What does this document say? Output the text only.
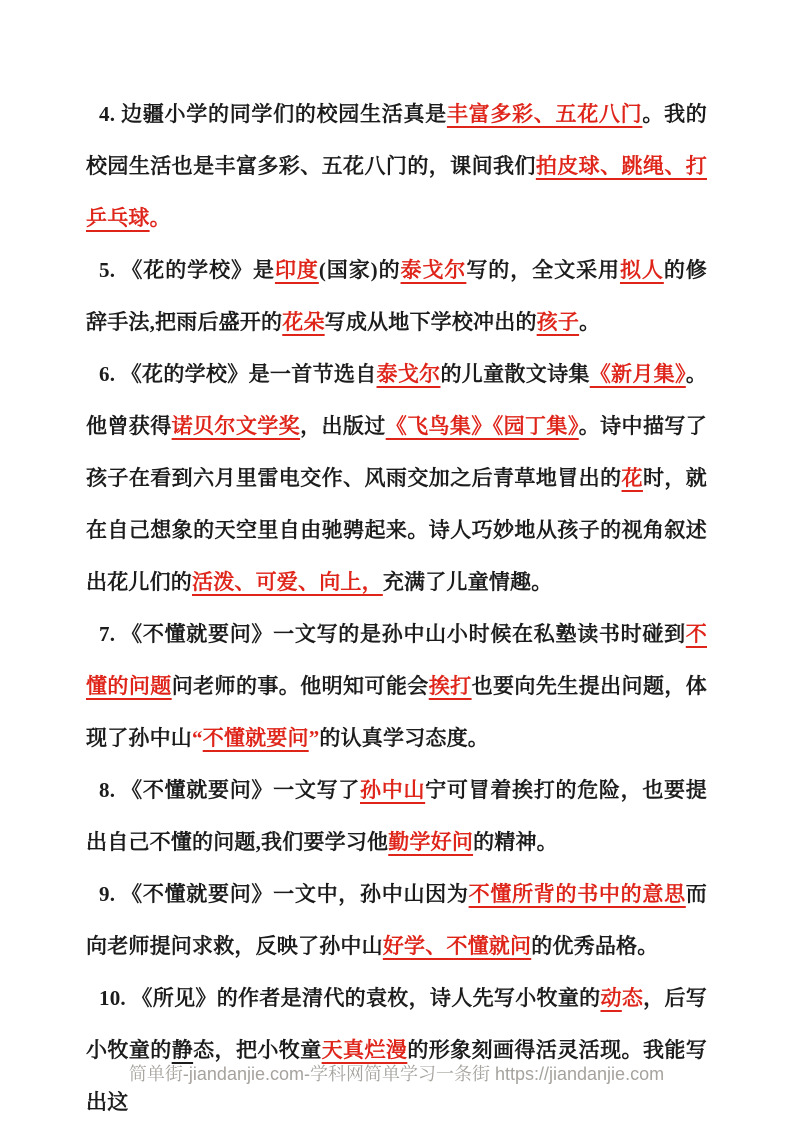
4. 边疆小学的同学们的校园生活真是丰富多彩、五花八门。我的校园生活也是丰富多彩、五花八门的，课间我们拍皮球、跳绳、打乒乓球。

5. 《花的学校》是印度(国家)的泰戈尔写的，全文采用拟人的修辞手法,把雨后盛开的花朵写成从地下学校冲出的孩子。

6. 《花的学校》是一首节选自泰戈尔的儿童散文诗集《新月集》。他曾获得诺贝尔文学奖，出版过《飞鸟集》《园丁集》。诗中描写了孩子在看到六月里雷电交作、风雨交加之后青草地冒出的花时，就在自己想象的天空里自由驰骋起来。诗人巧妙地从孩子的视角叙述出花儿们的活泼、可爱、向上，充满了儿童情趣。

7. 《不懂就要问》一文写的是孙中山小时候在私塾读书时碰到不懂的问题问老师的事。他明知可能会挨打也要向先生提出问题，体现了孙中山“不懂就要问”的认真学习态度。

8. 《不懂就要问》一文写了孙中山宁可冒着挨打的危险，也要提出自己不懂的问题,我们要学习他勤学好问的精神。

9. 《不懂就要问》一文中，孙中山因为不懂所背的书中的意思而向老师提问求救，反映了孙中山好学、不懂就问的优秀品格。

10. 《所见》的作者是清代的袁枚，诗人先写小牧童的动态，后写小牧童的静态，把小牧童天真烂漫的形象刻画得活灵活现。我能写出这

简单街-jiandanjie.com-学科网简单学习一条街 https://jiandanjie.com
